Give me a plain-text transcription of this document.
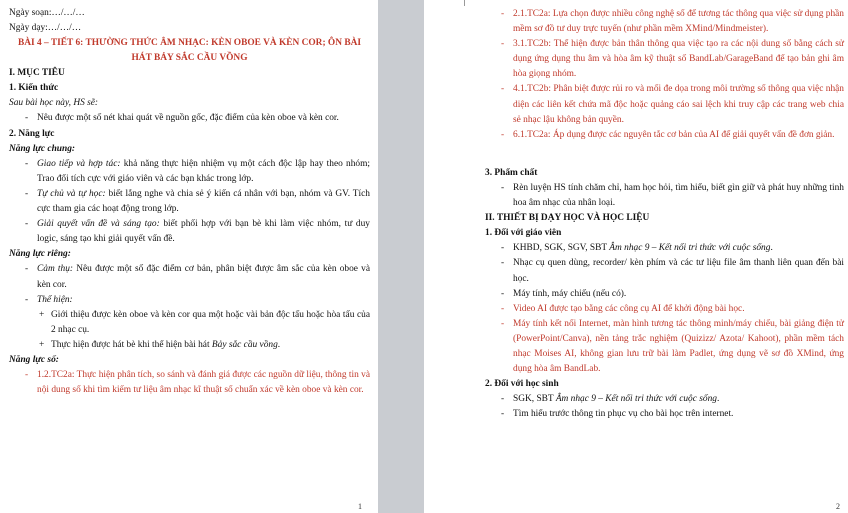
Ngày soạn:…/…/…

Ngày dạy:…/…/…

BÀI 4 – TIẾT 6: THƯỜNG THỨC ÂM NHẠC: KÈN OBOE VÀ KÈN COR; ÔN BÀI HÁT BẢY SẮC CẦU VỒNG

I. MỤC TIÊU

1. Kiến thức

Sau bài học này, HS sẽ:

- Nêu được một số nét khai quát về nguồn gốc, đặc điểm của kèn oboe và kèn cor.

2. Năng lực

Năng lực chung:

- Giao tiếp và hợp tác: khả năng thực hiện nhiệm vụ một cách độc lập hay theo nhóm; Trao đổi tích cực với giáo viên và các bạn khác trong lớp.

- Tự chủ và tự học: biết lắng nghe và chia sẻ ý kiến cá nhân với bạn, nhóm và GV. Tích cực tham gia các hoạt động trong lớp.

- Giải quyết vấn đề và sáng tạo: biết phối hợp với bạn bè khi làm việc nhóm, tư duy logic, sáng tạo khi giải quyết vấn đề.

Năng lực riêng:

- Cảm thụ: Nêu được một số đặc điểm cơ bản, phân biệt được âm sắc của kèn oboe và kèn cor.

- Thể hiện:

+ Giới thiệu được kèn oboe và kèn cor qua một hoặc vài bản độc tấu hoặc hòa tấu của 2 nhạc cụ.

+ Thực hiện được hát bè khi thể hiện bài hát Bảy sắc cầu vồng.

Năng lực số:

- 1.2.TC2a: Thực hiện phân tích, so sánh và đánh giá được các nguồn dữ liệu, thông tin và nội dung số khi tìm kiếm tư liệu âm nhạc kĩ thuật số chuẩn xác về kèn oboe và kèn cor.

1

- 2.1.TC2a: Lựa chọn được nhiều công nghệ số để tương tác thông qua việc sử dụng phần mềm sơ đồ tư duy trực tuyến (như phần mềm XMind/Mindmeister).

- 3.1.TC2b: Thể hiện được bản thân thông qua việc tạo ra các nội dung số bằng cách sử dụng ứng dụng thu âm và hòa âm kỹ thuật số BandLab/GarageBand để tạo bản ghi âm hòa giọng nhóm.

- 4.1.TC2b: Phân biệt được rủi ro và mối đe dọa trong môi trường số thông qua việc nhận diện các liên kết chứa mã độc hoặc quảng cáo sai lệch khi truy cập các trang web chia sẻ nhạc lậu không bản quyền.

- 6.1.TC2a: Áp dụng được các nguyên tắc cơ bản của AI để giải quyết vấn đề đơn giản.

3. Phẩm chất

- Rèn luyện HS tính chăm chỉ, ham học hỏi, tìm hiểu, biết gìn giữ và phát huy những tinh hoa âm nhạc của nhân loại.

II. THIẾT BỊ DẠY HỌC VÀ HỌC LIỆU

1. Đối với giáo viên

- KHBD, SGK, SGV, SBT Âm nhạc 9 – Kết nối tri thức với cuộc sống.

- Nhạc cụ quen dùng, recorder/ kèn phím và các tư liệu file âm thanh liên quan đến bài học.

- Máy tính, máy chiếu (nếu có).

- Video AI được tạo bằng các công cụ AI để khởi động bài học.

- Máy tính kết nối Internet, màn hình tương tác thông minh/máy chiếu, bài giảng điện tử (PowerPoint/Canva), nền tảng trắc nghiệm (Quizizz/ Azota/ Kahoot), phần mềm tách nhạc Moises AI, không gian lưu trữ bài làm Padlet, ứng dụng vẽ sơ đồ XMind, ứng dụng hòa âm BandLab.

2. Đối với học sinh

- SGK, SBT Âm nhạc 9 – Kết nối tri thức với cuộc sống.

- Tìm hiểu trước thông tin phục vụ cho bài học trên internet.

2
